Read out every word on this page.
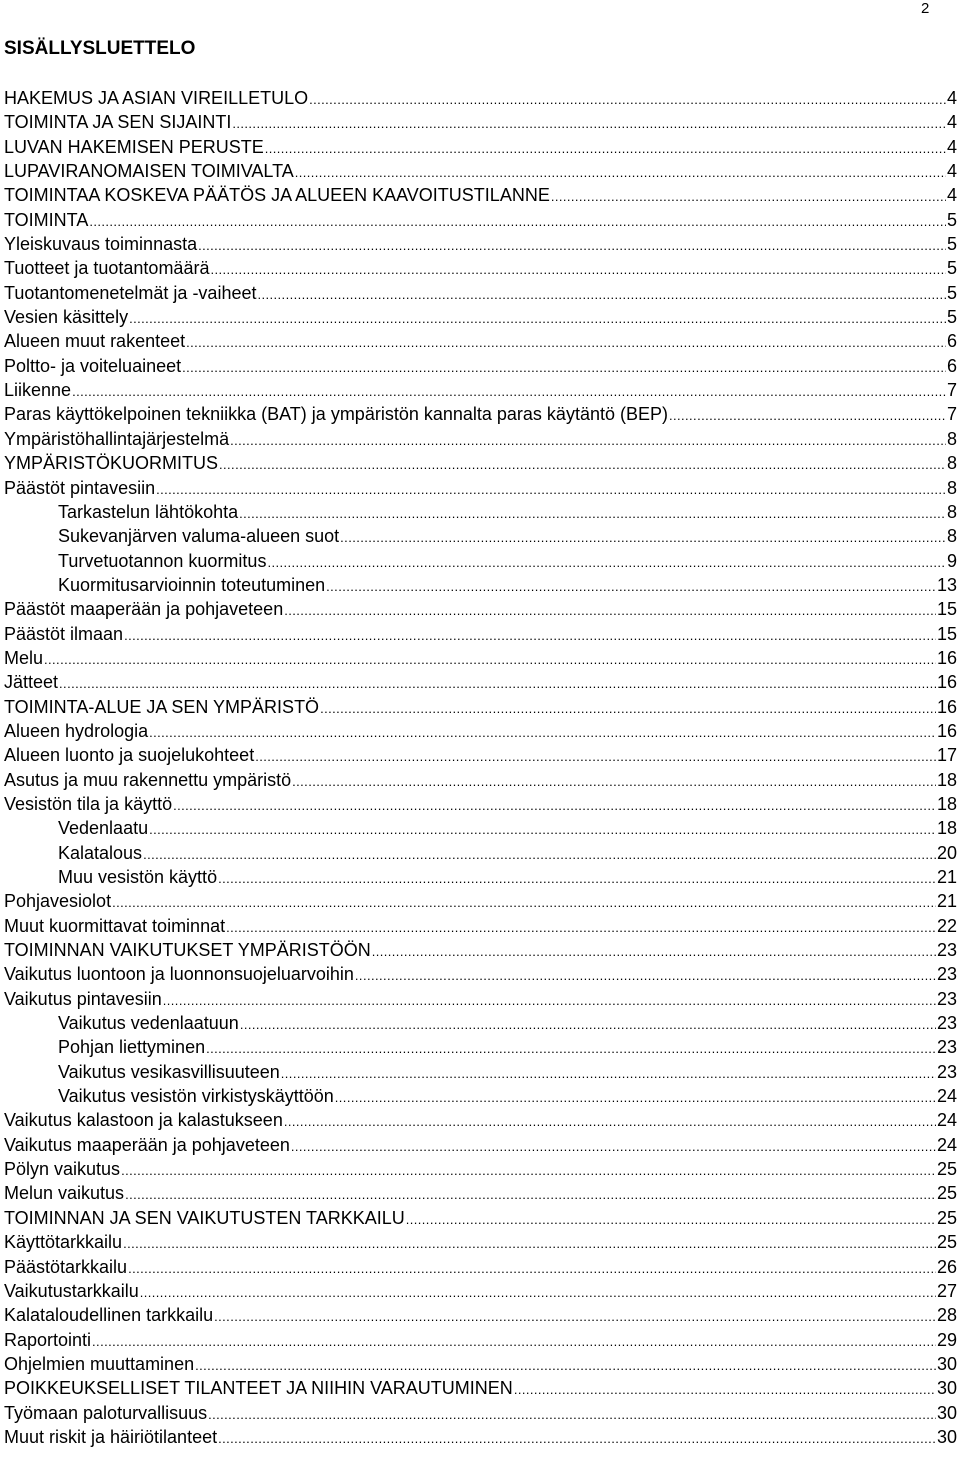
2
SISÄLLYSLUETTELO
HAKEMUS JA ASIAN VIREILLETULO .....	4
TOIMINTA JA SEN SIJAINTI .....	4
LUVAN HAKEMISEN PERUSTE .....	4
LUPAVIRANOMAISEN TOIMIVALTA .....	4
TOIMINTAA KOSKEVA PÄÄTÖS JA ALUEEN KAAVOITUSTILANNE .....	4
TOIMINTA .....	5
Yleiskuvaus toiminnasta .....	5
Tuotteet ja tuotantomäärä .....	5
Tuotantomenetelmät ja -vaiheet .....	5
Vesien käsittely .....	5
Alueen muut rakenteet .....	6
Poltto- ja voiteluaineet .....	6
Liikenne .....	7
Paras käyttökelpoinen tekniikka (BAT) ja ympäristön kannalta paras käytäntö (BEP) .....	7
Ympäristöhallintajärjestelmä .....	8
YMPÄRISTÖKUORMITUS .....	8
Päästöt pintavesiin .....	8
Tarkastelun lähtökohta .....	8
Sukevanjärven valuma-alueen suot .....	8
Turvetuotannon kuormitus .....	9
Kuormitusarvioinnin toteutuminen .....	13
Päästöt maaperään ja pohjaveteen .....	15
Päästöt ilmaan .....	15
Melu .....	16
Jätteet .....	16
TOIMINTA-ALUE JA SEN YMPÄRISTÖ .....	16
Alueen hydrologia .....	16
Alueen luonto ja suojelukohteet .....	17
Asutus ja muu rakennettu ympäristö .....	18
Vesistön tila ja käyttö .....	18
Vedenlaatu .....	18
Kalatalous .....	20
Muu vesistön käyttö .....	21
Pohjavesiolot .....	21
Muut kuormittavat toiminnat .....	22
TOIMINNAN VAIKUTUKSET YMPÄRISTÖÖN .....	23
Vaikutus luontoon ja luonnonsuojeluarvoihin .....	23
Vaikutus pintavesiin .....	23
Vaikutus vedenlaatuun .....	23
Pohjan liettyminen .....	23
Vaikutus vesikasvillisuuteen .....	23
Vaikutus vesistön virkistyskäyttöön .....	24
Vaikutus kalastoon ja kalastukseen .....	24
Vaikutus maaperään ja pohjaveteen .....	24
Pölyn vaikutus .....	25
Melun vaikutus .....	25
TOIMINNAN JA SEN VAIKUTUSTEN TARKKAILU .....	25
Käyttötarkkailu .....	25
Päästötarkkailu .....	26
Vaikutustarkkailu .....	27
Kalataloudellinen tarkkailu .....	28
Raportointi .....	29
Ohjelmien muuttaminen .....	30
POIKKEUKSELLISET TILANTEET JA NIIHIN VARAUTUMINEN .....	30
Työmaan paloturvallisuus .....	30
Muut riskit ja häiriötilanteet .....	30
